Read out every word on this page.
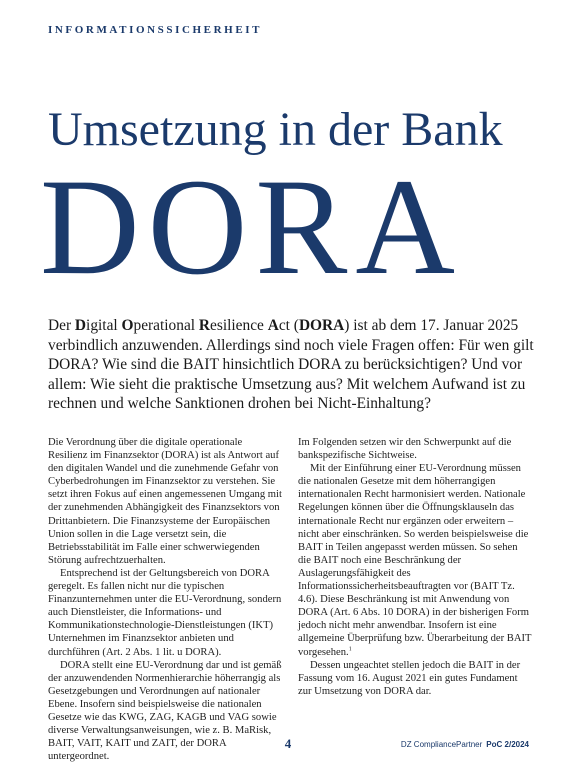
INFORMATIONSSICHERHEIT
Umsetzung in der Bank
DORA
Der Digital Operational Resilience Act (DORA) ist ab dem 17. Januar 2025 verbindlich anzuwenden. Allerdings sind noch viele Fragen offen: Für wen gilt DORA? Wie sind die BAIT hinsichtlich DORA zu berücksichtigen? Und vor allem: Wie sieht die praktische Umsetzung aus? Mit welchem Aufwand ist zu rechnen und welche Sanktionen drohen bei Nicht-Einhaltung?

Die Verordnung über die digitale operationale Resilienz im Finanzsektor (DORA) ist als Antwort auf den digitalen Wandel und die zunehmende Gefahr von Cyberbedrohungen im Finanzsektor zu verstehen. Sie setzt ihren Fokus auf einen angemessenen Umgang mit der zunehmenden Abhängigkeit des Finanzsektors von Drittanbietern. Die Finanzsysteme der Europäischen Union sollen in die Lage versetzt sein, die Betriebsstabilität im Falle einer schwerwiegenden Störung aufrechtzuerhalten.

Entsprechend ist der Geltungsbereich von DORA geregelt. Es fallen nicht nur die typischen Finanzunternehmen unter die EU-Verordnung, sondern auch Dienstleister, die Informations- und Kommunikationstechnologie-Dienstleistungen (IKT) Unternehmen im Finanzsektor anbieten und durchführen (Art. 2 Abs. 1 lit. u DORA).

DORA stellt eine EU-Verordnung dar und ist gemäß der anzuwendenden Normenhierarchie höherrangig als Gesetzgebungen und Verordnungen auf nationaler Ebene. Insofern sind beispielsweise die nationalen Gesetze wie das KWG, ZAG, KAGB und VAG sowie diverse Verwaltungsanweisungen, wie z. B. MaRisk, BAIT, VAIT, KAIT und ZAIT, der DORA untergeordnet.

Im Folgenden setzen wir den Schwerpunkt auf die bankspezifische Sichtweise.

Mit der Einführung einer EU-Verordnung müssen die nationalen Gesetze mit dem höherrangigen internationalen Recht harmonisiert werden. Nationale Regelungen können über die Öffnungsklauseln das internationale Recht nur ergänzen oder erweitern – nicht aber einschränken. So werden beispielsweise die BAIT in Teilen angepasst werden müssen. So sehen die BAIT noch eine Beschränkung der Auslagerungsfähigkeit des Informationssicherheitsbeauftragten vor (BAIT Tz. 4.6). Diese Beschränkung ist mit Anwendung von DORA (Art. 6 Abs. 10 DORA) in der bisherigen Form jedoch nicht mehr anwendbar. Insofern ist eine allgemeine Überprüfung bzw. Überarbeitung der BAIT vorgesehen.$^1$

Dessen ungeachtet stellen jedoch die BAIT in der Fassung vom 16. August 2021 ein gutes Fundament zur Umsetzung von DORA dar.

4	DZ CompliancePartner PoC 2/2024
